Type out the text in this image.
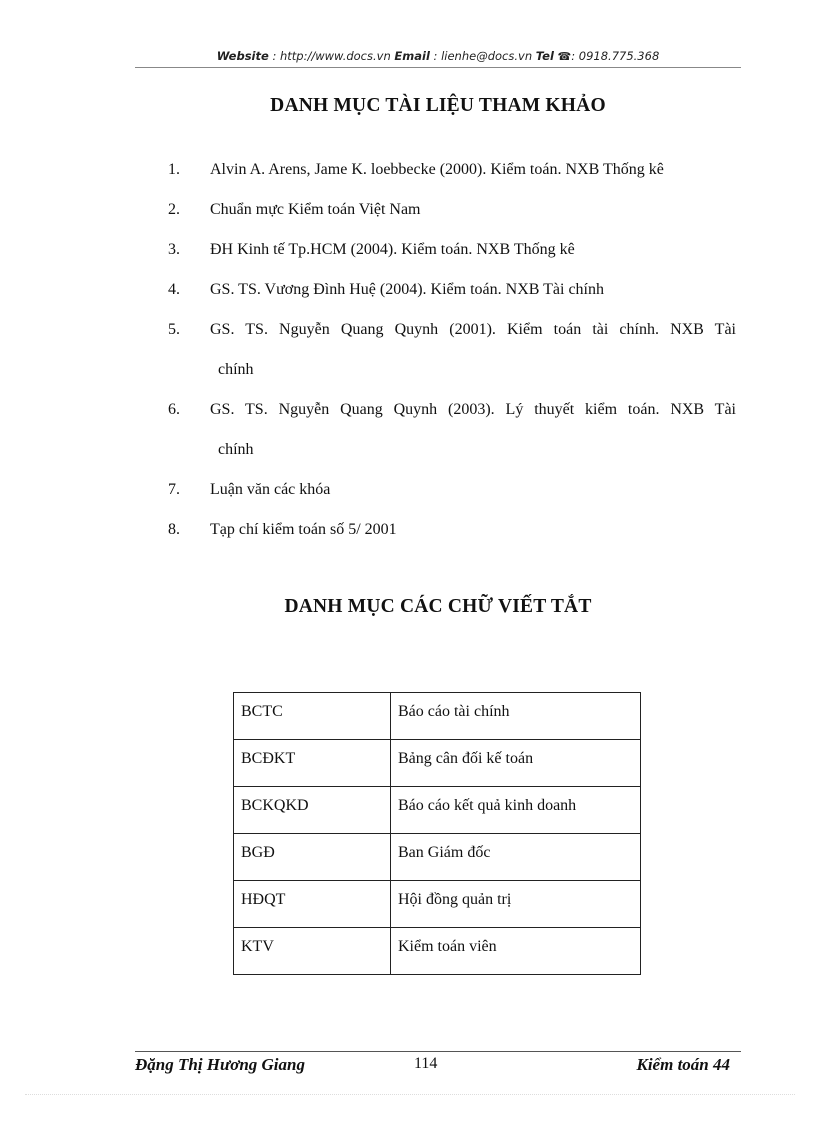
Website : http://www.docs.vn Email : lienhe@docs.vn Tel ☎: 0918.775.368
DANH MỤC TÀI LIỆU THAM KHẢO
1.	Alvin A. Arens, Jame K. loebbecke (2000). Kiểm toán. NXB Thống kê
2.	Chuẩn mực Kiểm toán Việt Nam
3.	ĐH Kinh tế Tp.HCM (2004). Kiểm toán. NXB Thống kê
4.	GS. TS. Vương Đình Huệ (2004). Kiểm toán. NXB Tài chính
5.	GS. TS. Nguyễn Quang Quynh (2001). Kiểm toán tài chính. NXB Tài
chính
6.	GS. TS. Nguyễn Quang Quynh (2003). Lý thuyết kiểm toán. NXB Tài
chính
7.	Luận văn các khóa
8.	Tạp chí kiểm toán số 5/ 2001
DANH MỤC CÁC CHỮ VIẾT TẮT
BCTC	Báo cáo tài chính
BCĐKT	Bảng cân đối kế toán
BCKQKD	Báo cáo kết quả kinh doanh
BGĐ	Ban Giám đốc
HĐQT	Hội đồng quản trị
KTV	Kiểm toán viên
Đặng Thị Hương Giang	114	Kiểm toán 44
